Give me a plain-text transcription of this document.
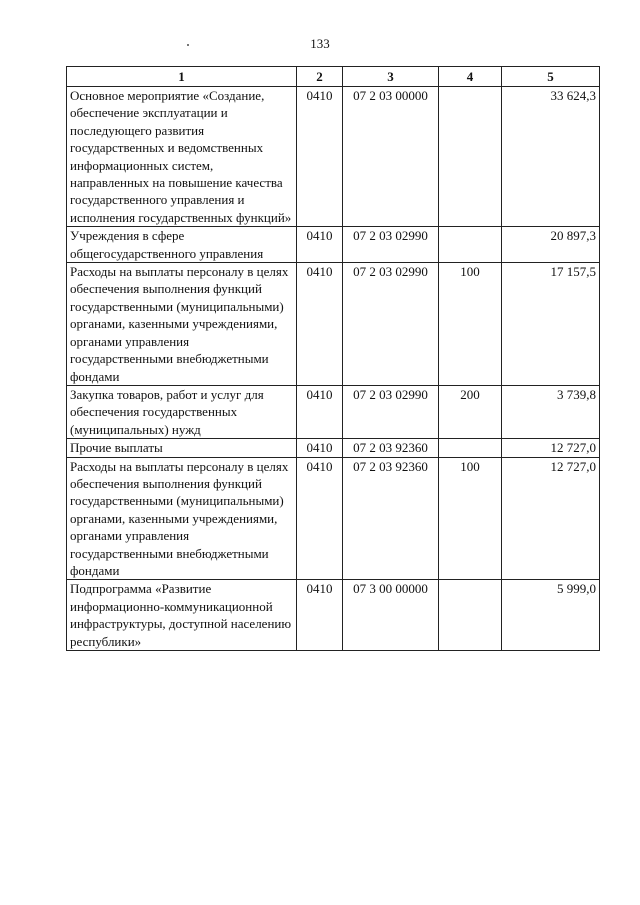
133
1	2	3	4	5
Основное мероприятие «Создание, обеспечение эксплуатации и последующего развития государственных и ведомственных информационных систем, направленных на повышение качества государственного управления и исполнения государственных функций»	0410	07 2 03 00000		33 624,3
Учреждения в сфере общегосударственного управления	0410	07 2 03 02990		20 897,3
Расходы на выплаты персоналу в целях обеспечения выполнения функций государственными (муниципальными) органами, казенными учреждениями, органами управления государственными внебюджетными фондами	0410	07 2 03 02990	100	17 157,5
Закупка товаров, работ и услуг для обеспечения государственных (муниципальных) нужд	0410	07 2 03 02990	200	3 739,8
Прочие выплаты	0410	07 2 03 92360		12 727,0
Расходы на выплаты персоналу в целях обеспечения выполнения функций государственными (муниципальными) органами, казенными учреждениями, органами управления государственными внебюджетными фондами	0410	07 2 03 92360	100	12 727,0
Подпрограмма «Развитие информационно-коммуникационной инфраструктуры, доступной населению республики»	0410	07 3 00 00000		5 999,0
